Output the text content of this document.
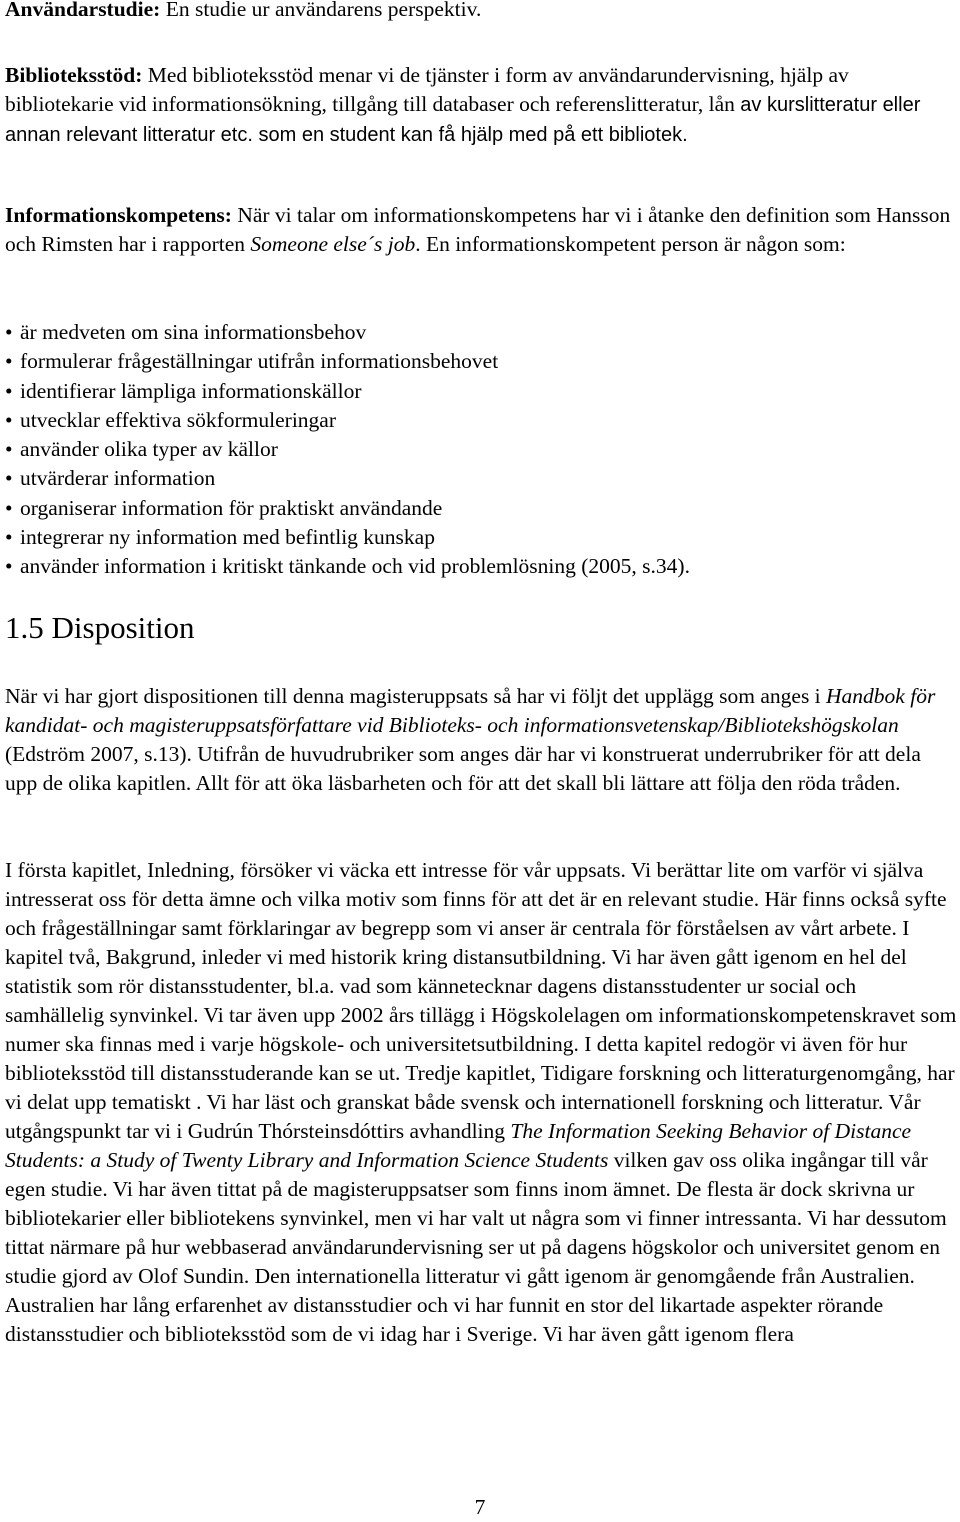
Användarstudie: En studie ur användarens perspektiv.

Biblioteksstöd: Med biblioteksstöd menar vi de tjänster i form av användarundervisning, hjälp av bibliotekarie vid informationsökning, tillgång till databaser och referenslitteratur, lån av kurslitteratur eller annan relevant litteratur etc. som en student kan få hjälp med på ett bibliotek.

Informationskompetens: När vi talar om informationskompetens har vi i åtanke den definition som Hansson och Rimsten har i rapporten Someone else´s job. En informationskompetent person är någon som:

• är medveten om sina informationsbehov
• formulerar frågeställningar utifrån informationsbehovet
• identifierar lämpliga informationskällor
• utvecklar effektiva sökformuleringar
• använder olika typer av källor
• utvärderar information
• organiserar information för praktiskt användande
• integrerar ny information med befintlig kunskap
• använder information i kritiskt tänkande och vid problemlösning (2005, s.34).
1.5 Disposition

När vi har gjort dispositionen till denna magisteruppsats så har vi följt det upplägg som anges i Handbok för kandidat- och magisteruppsatsförfattare vid Biblioteks- och informationsvetenskap/Bibliotekshögskolan (Edström 2007, s.13). Utifrån de huvudrubriker som anges där har vi konstruerat underrubriker för att dela upp de olika kapitlen. Allt för att öka läsbarheten och för att det skall bli lättare att följa den röda tråden.

I första kapitlet, Inledning, försöker vi väcka ett intresse för vår uppsats. Vi berättar lite om varför vi själva intresserat oss för detta ämne och vilka motiv som finns för att det är en relevant studie. Här finns också syfte och frågeställningar samt förklaringar av begrepp som vi anser är centrala för förståelsen av vårt arbete. I kapitel två, Bakgrund, inleder vi med historik kring distansutbildning. Vi har även gått igenom en hel del statistik som rör distansstudenter, bl.a. vad som kännetecknar dagens distansstudenter ur social och samhällelig synvinkel. Vi tar även upp 2002 års tillägg i Högskolelagen om informationskompetenskravet som numer ska finnas med i varje högskole- och universitetsutbildning. I detta kapitel redogör vi även för hur biblioteksstöd till distansstuderande kan se ut. Tredje kapitlet, Tidigare forskning och litteraturgenomgång, har vi delat upp tematiskt . Vi har läst och granskat både svensk och internationell forskning och litteratur. Vår utgångspunkt tar vi i Gudrún Thórsteinsdóttirs avhandling The Information Seeking Behavior of Distance Students: a Study of Twenty Library and Information Science Students vilken gav oss olika ingångar till vår egen studie. Vi har även tittat på de magisteruppsatser som finns inom ämnet. De flesta är dock skrivna ur bibliotekarier eller bibliotekens synvinkel, men vi har valt ut några som vi finner intressanta. Vi har dessutom tittat närmare på hur webbaserad användarundervisning ser ut på dagens högskolor och universitet genom en studie gjord av Olof Sundin. Den internationella litteratur vi gått igenom är genomgående från Australien. Australien har lång erfarenhet av distansstudier och vi har funnit en stor del likartade aspekter rörande distansstudier och biblioteksstöd som de vi idag har i Sverige. Vi har även gått igenom flera

7
